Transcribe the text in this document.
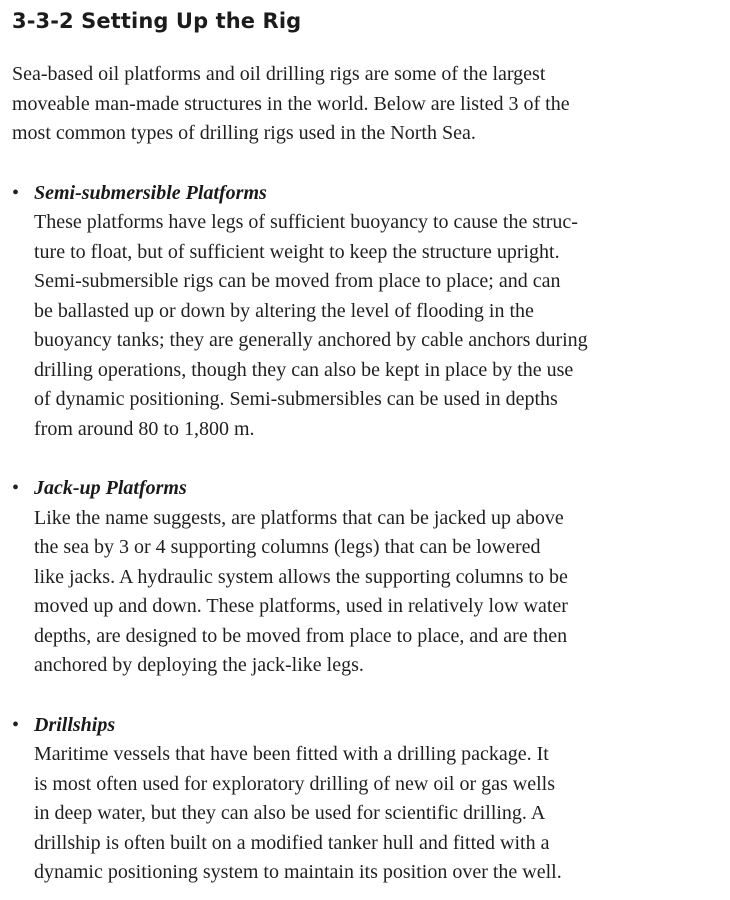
3-3-2 Setting Up the Rig

Sea-based oil platforms and oil drilling rigs are some of the largest
moveable man-made structures in the world. Below are listed 3 of the
most common types of drilling rigs used in the North Sea.

• Semi-submersible Platforms

These platforms have legs of sufficient buoyancy to cause the struc-
ture to float, but of sufficient weight to keep the structure upright.
Semi-submersible rigs can be moved from place to place; and can
be ballasted up or down by altering the level of flooding in the
buoyancy tanks; they are generally anchored by cable anchors during
drilling operations, though they can also be kept in place by the use
of dynamic positioning. Semi-submersibles can be used in depths
from around 80 to 1,800 m.

• Jack-up Platforms

Like the name suggests, are platforms that can be jacked up above
the sea by 3 or 4 supporting columns (legs) that can be lowered
like jacks. A hydraulic system allows the supporting columns to be
moved up and down. These platforms, used in relatively low water
depths, are designed to be moved from place to place, and are then
anchored by deploying the jack-like legs.

• Drillships

Maritime vessels that have been fitted with a drilling package. It
is most often used for exploratory drilling of new oil or gas wells
in deep water, but they can also be used for scientific drilling. A
drillship is often built on a modified tanker hull and fitted with a
dynamic positioning system to maintain its position over the well.
